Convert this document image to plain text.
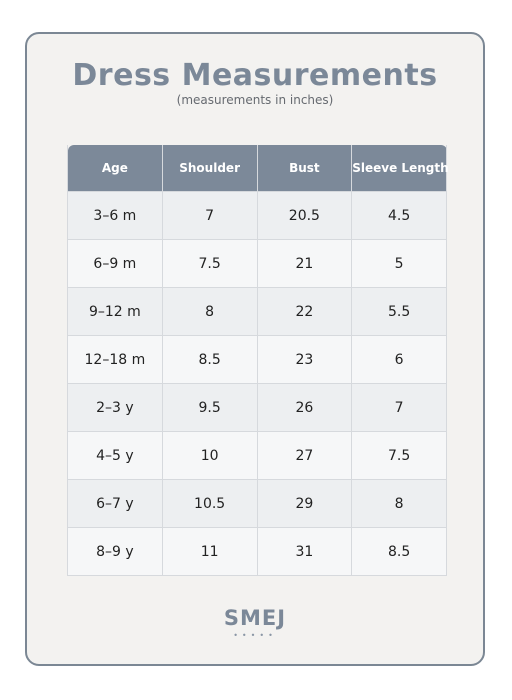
Dress Measurements
(measurements in inches)
Age	Shoulder	Bust	Sleeve Length
3–6 m	7	20.5	4.5
6–9 m	7.5	21	5
9–12 m	8	22	5.5
12–18 m	8.5	23	6
2–3 y	9.5	26	7
4–5 y	10	27	7.5
6–7 y	10.5	29	8
8–9 y	11	31	8.5
SMEJ
•••••
